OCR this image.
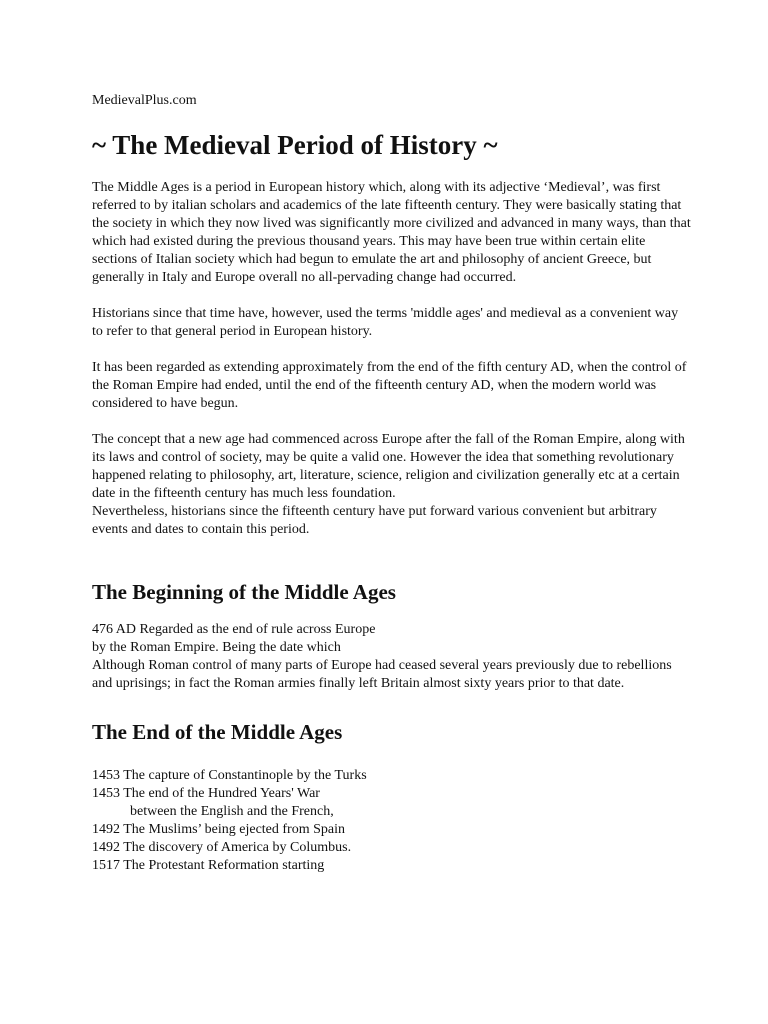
MedievalPlus.com

~ The Medieval Period of History ~

The Middle Ages is a period in European history which, along with its adjective ‘Medieval’, was first referred to by italian scholars and academics of the late fifteenth century. They were basically stating that the society in which they now lived was significantly more civilized and advanced in many ways, than that which had existed during the previous thousand years. This may have been true within certain elite sections of Italian society which had begun to emulate the art and philosophy of ancient Greece, but generally in Italy and Europe overall no all-pervading change had occurred.

Historians since that time have, however, used the terms 'middle ages' and medieval as a convenient way to refer to that general period in European history.

It has been regarded as extending approximately from the end of the fifth century AD, when the control of the Roman Empire had ended, until the end of the fifteenth century AD, when the modern world was considered to have begun.

The concept that a new age had commenced across Europe after the fall of the Roman Empire, along with its laws and control of society, may be quite a valid one. However the idea that something revolutionary happened relating to philosophy, art, literature, science, religion and civilization generally etc at a certain date in the fifteenth century has much less foundation.

Nevertheless, historians since the fifteenth century have put forward various convenient but arbitrary events and dates to contain this period.

The Beginning of the Middle Ages

476 AD Regarded as the end of rule across Europe

by the Roman Empire. Being the date which

Although Roman control of many parts of Europe had ceased several years previously due to rebellions and uprisings; in fact the Roman armies finally left Britain almost sixty years prior to that date.

The End of the Middle Ages

1453 The capture of Constantinople by the Turks

1453 The end of the Hundred Years' War

between the English and the French,

1492 The Muslims’ being ejected from Spain

1492 The discovery of America by Columbus.

1517 The Protestant Reformation starting
